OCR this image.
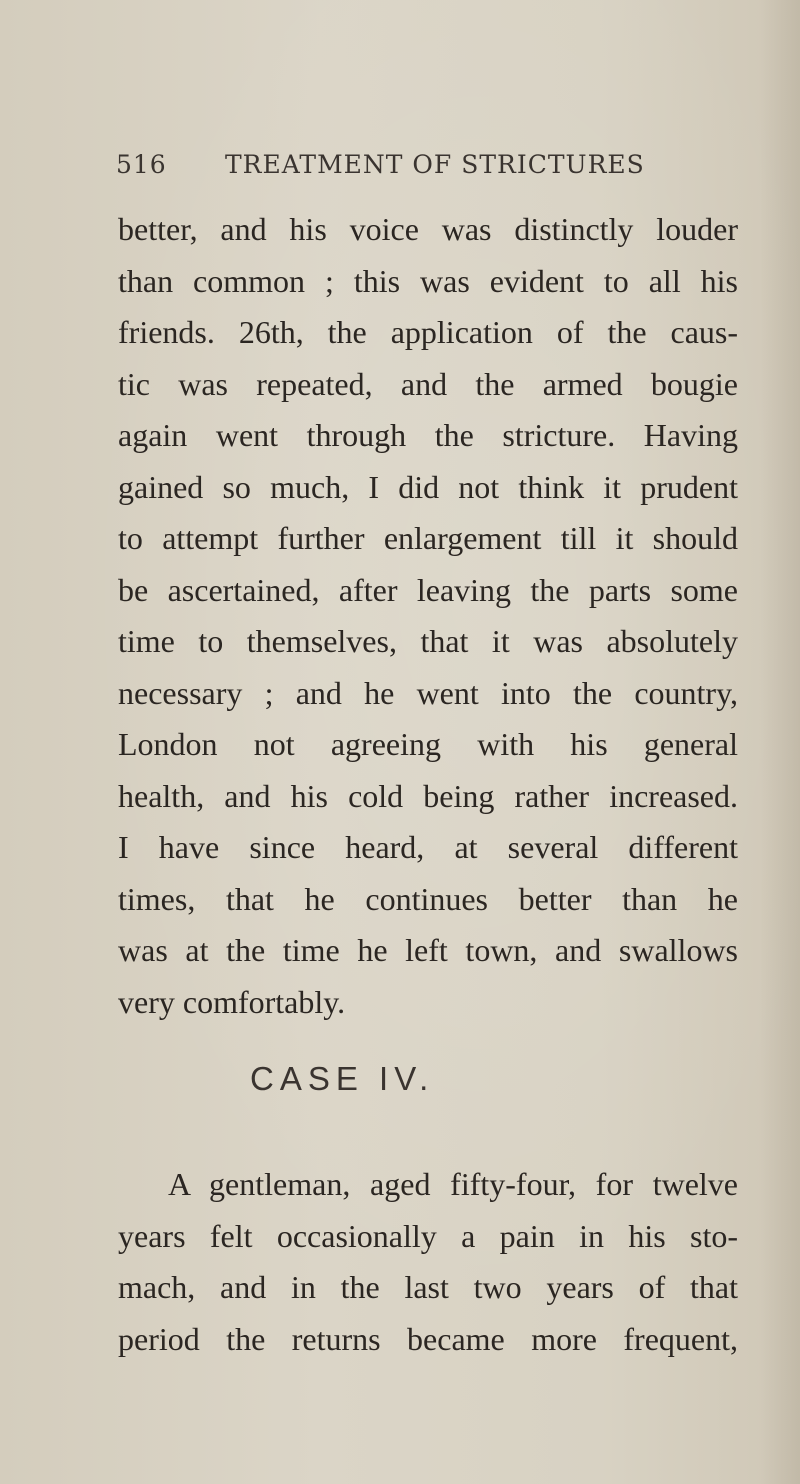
516 TREATMENT OF STRICTURES
better, and his voice was distinctly louder
than common ; this was evident to all his
friends. 26th, the application of the caus-
tic was repeated, and the armed bougie
again went through the stricture. Having
gained so much, I did not think it prudent
to attempt further enlargement till it should
be ascertained, after leaving the parts some
time to themselves, that it was absolutely
necessary ; and he went into the country,
London not agreeing with his general
health, and his cold being rather increased.
I have since heard, at several different
times, that he continues better than he
was at the time he left town, and swallows
very comfortably.
CASE IV.
A gentleman, aged fifty-four, for twelve
years felt occasionally a pain in his sto-
mach, and in the last two years of that
period the returns became more frequent,
